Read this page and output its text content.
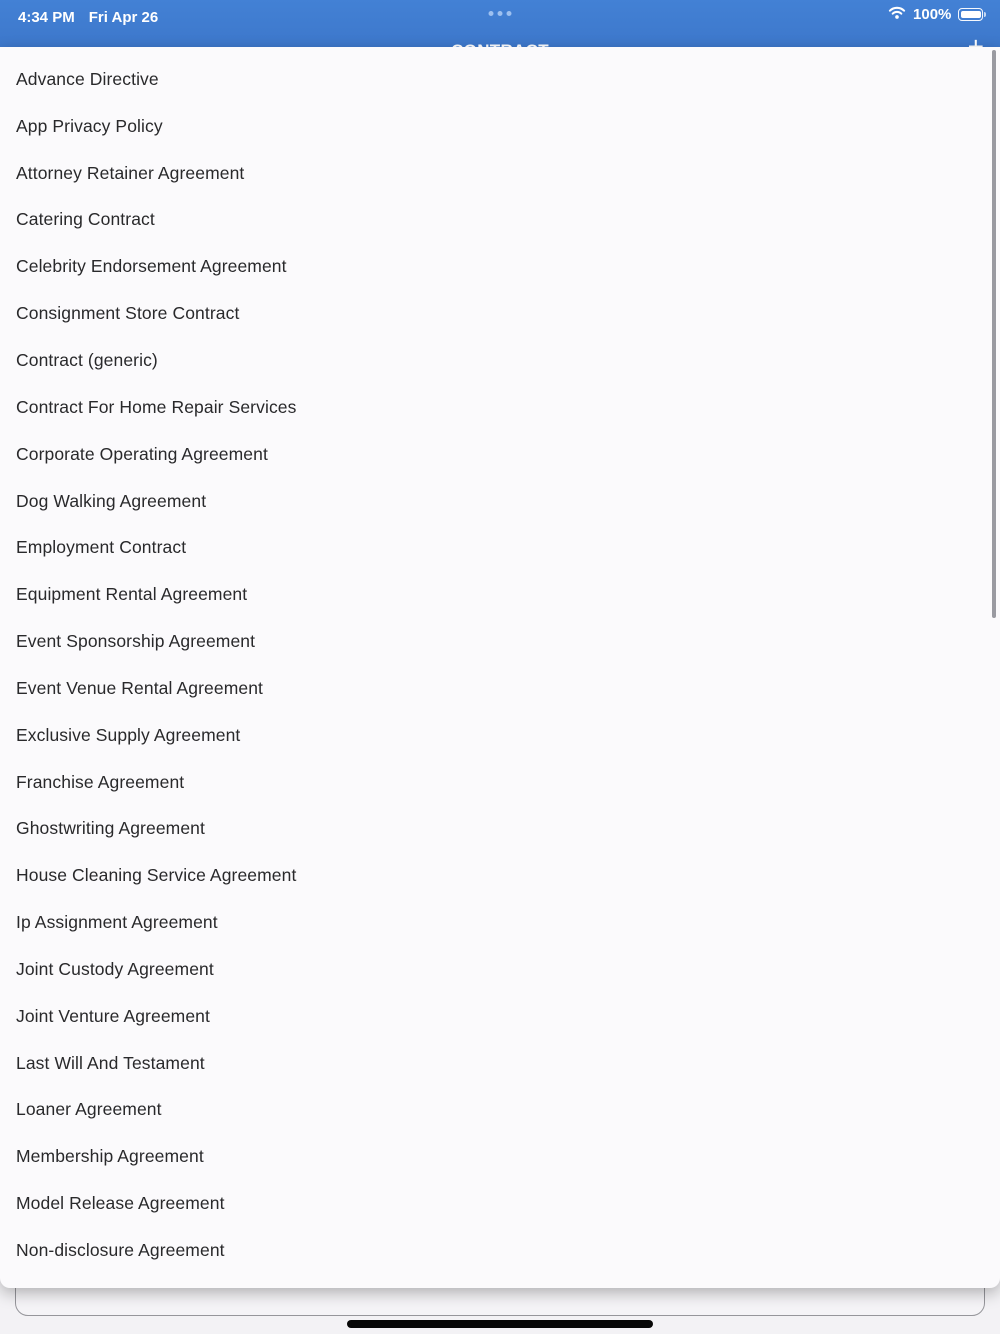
4:34 PM Fri Apr 26	100%
Advance Directive
App Privacy Policy
Attorney Retainer Agreement
Catering Contract
Celebrity Endorsement Agreement
Consignment Store Contract
Contract (generic)
Contract For Home Repair Services
Corporate Operating Agreement
Dog Walking Agreement
Employment Contract
Equipment Rental Agreement
Event Sponsorship Agreement
Event Venue Rental Agreement
Exclusive Supply Agreement
Franchise Agreement
Ghostwriting Agreement
House Cleaning Service Agreement
Ip Assignment Agreement
Joint Custody Agreement
Joint Venture Agreement
Last Will And Testament
Loaner Agreement
Membership Agreement
Model Release Agreement
Non-disclosure Agreement
